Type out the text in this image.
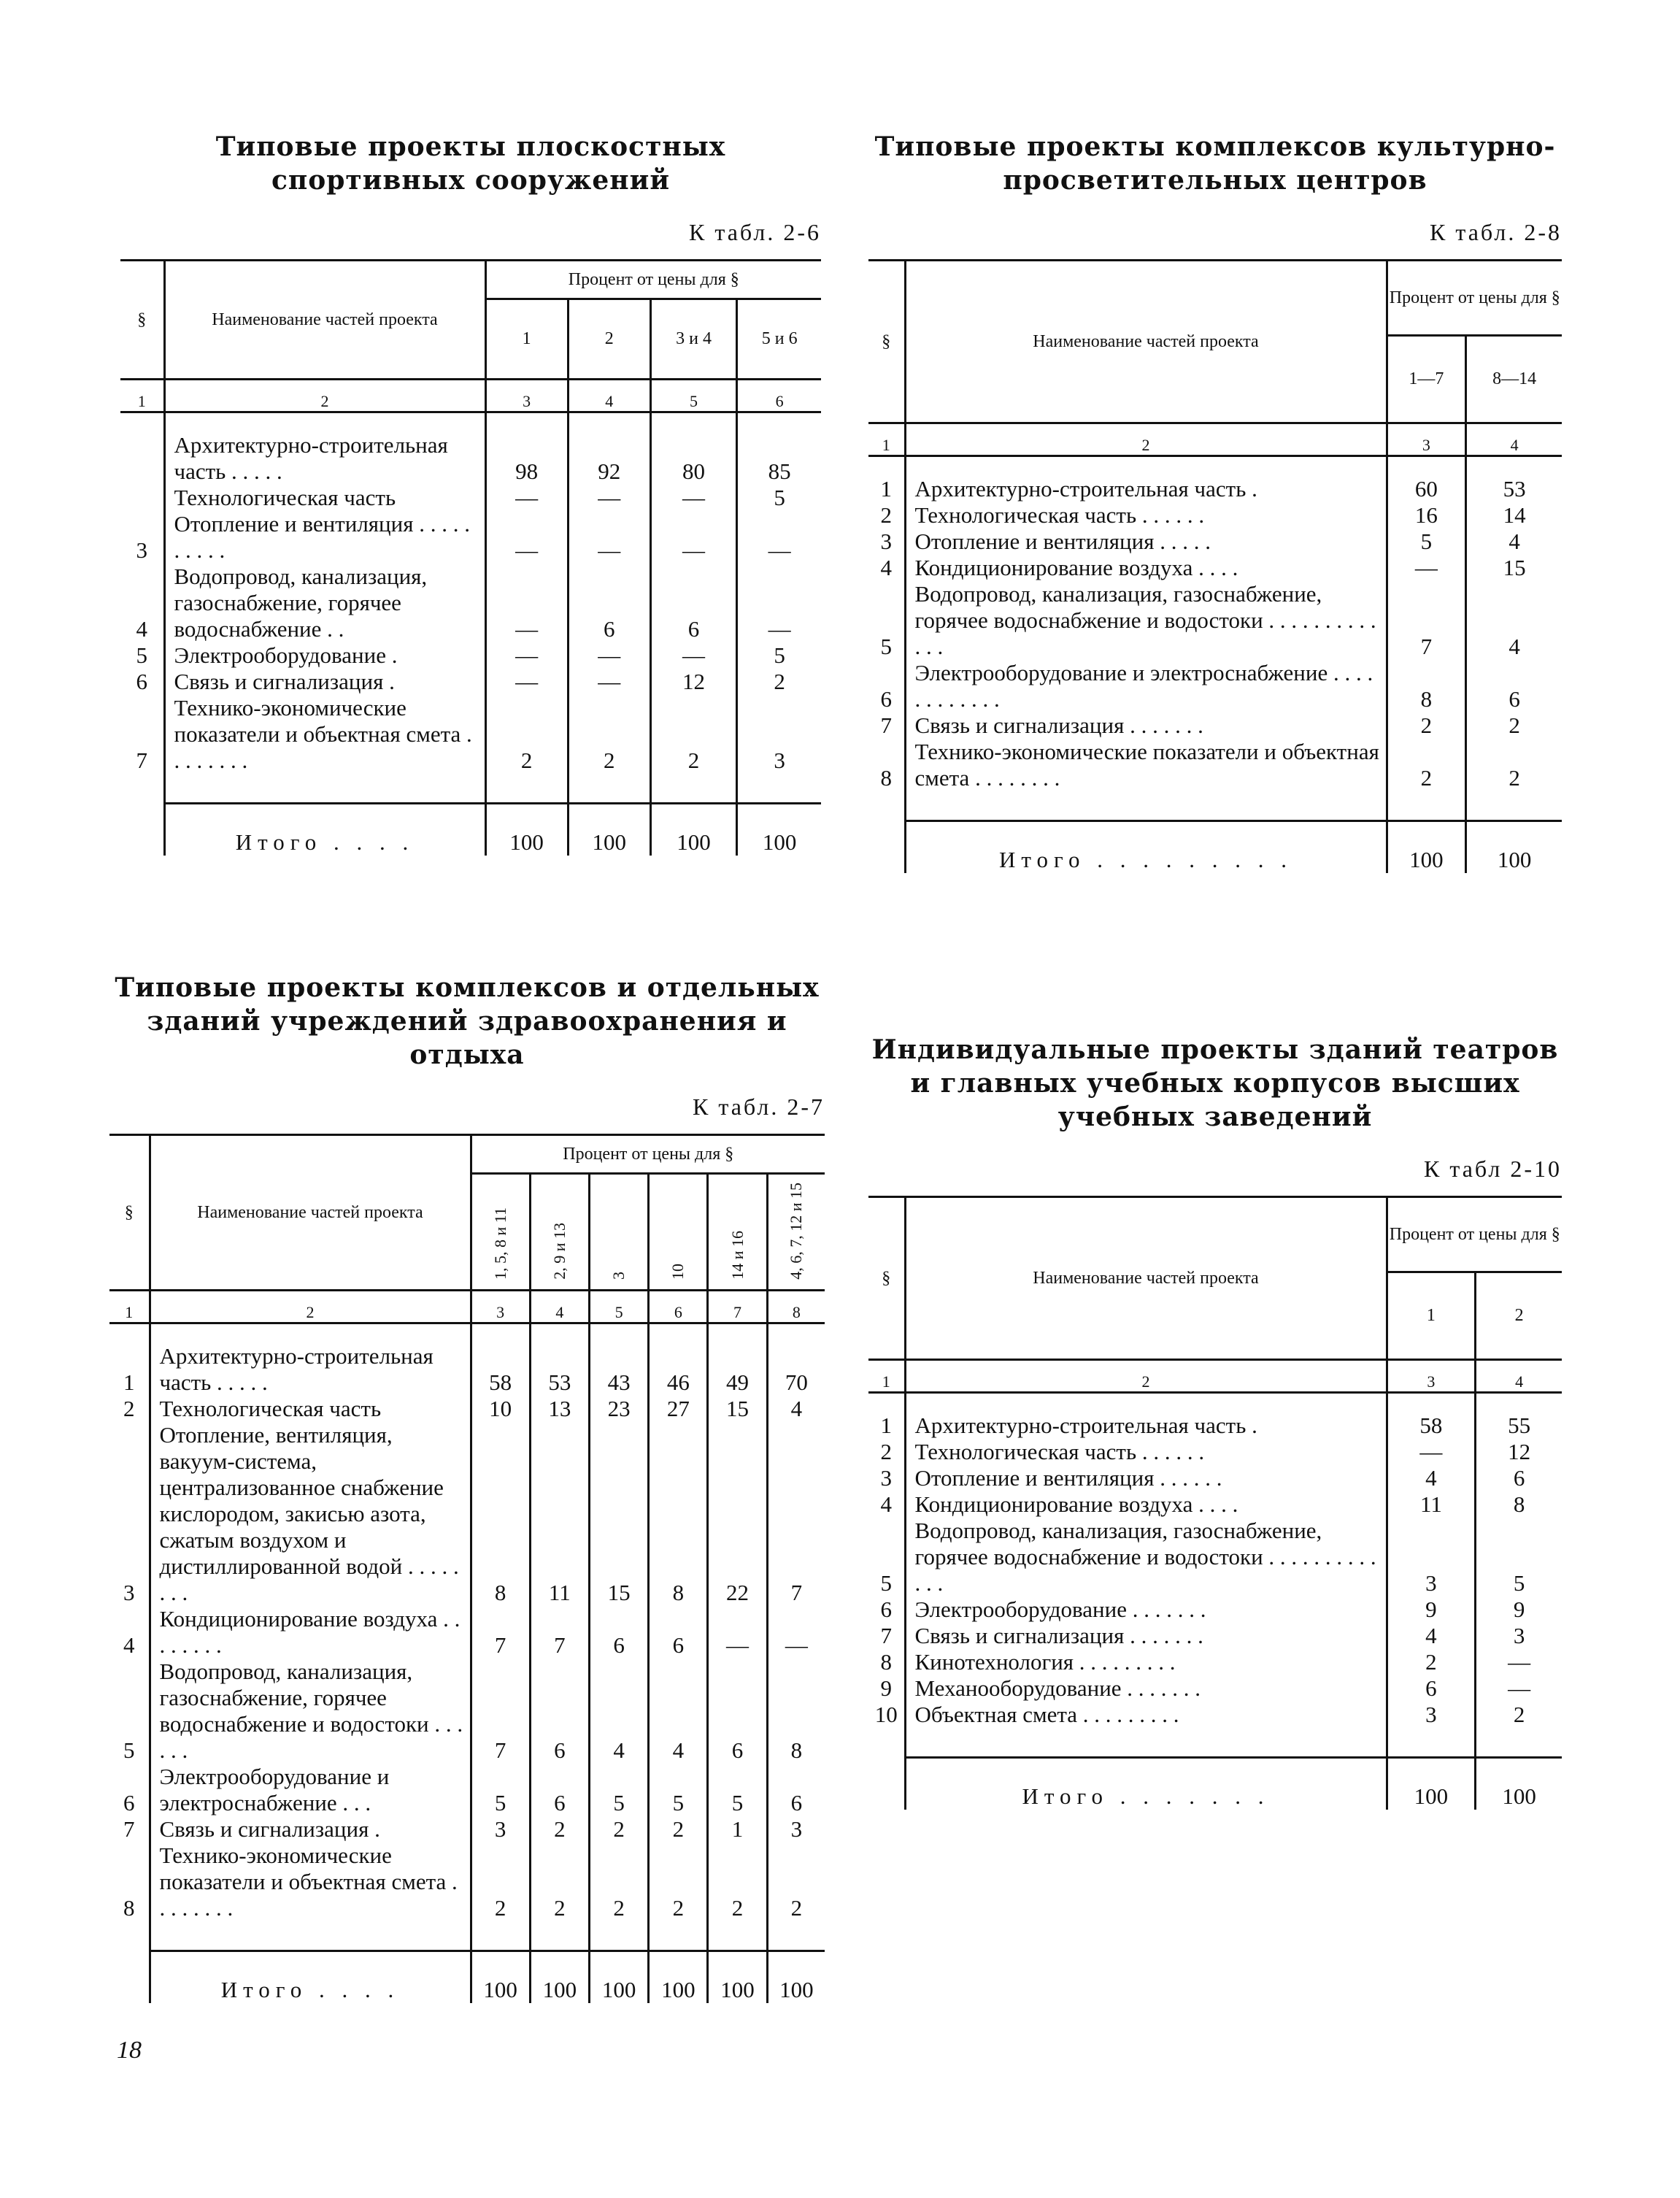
Типовые проекты плоскостных спортивных сооружений
К табл. 2-6
§	Наименование частей проекта	Процент от цены для §			
		1	2	3 и 4	5 и 6
1	2	3	4	5	6

	Архитектурно-строительная часть . . . . .	98	92	80	85
	Технологическая часть	—	—	—	5
3	Отопление и вентиляция . . . . . . . . . .	—	—	—	—
4	Водопровод, канализация, газоснабжение, горячее водоснабжение . .	—	6	6	—
5	Электрооборудование .	—	—	—	5
6	Связь и сигнализация .	—	—	12	2
7	Технико-экономические показатели и объектная смета . . . . . . . .	2	2	2	3

	Итого . . . .	100	100	100	100
Типовые проекты комплексов культурно-просветительных центров
К табл. 2-8
§	Наименование частей проекта	Процент от цены для §	
		1—7	8—14
1	2	3	4

1	Архитектурно-строительная часть .	60	53
2	Технологическая часть . . . . . .	16	14
3	Отопление и вентиляция . . . . .	5	4
4	Кондиционирование воздуха . . . .	—	15
5	Водопровод, канализация, газоснабжение, горячее водоснабжение и водостоки . . . . . . . . . . . . .	7	4
6	Электрооборудование и электроснабжение . . . . . . . . . . . .	8	6
7	Связь и сигнализация . . . . . . .	2	2
8	Технико-экономические показатели и объектная смета . . . . . . . .	2	2

	Итого . . . . . . . . .	100	100
Типовые проекты комплексов и отдельных зданий учреждений здравоохранения и отдыха
К табл. 2-7
§	Наименование частей проекта	Процент от цены для §					
		1, 5, 8 и 11	2, 9 и 13	3	10	14 и 16	4, 6, 7, 12 и 15
1	2	3	4	5	6	7	8

1	Архитектурно-строительная часть . . . . .	58	53	43	46	49	70
2	Технологическая часть	10	13	23	27	15	4
3	Отопление, вентиляция, вакуум-система, централизованное снабжение кислородом, закисью азота, сжатым воздухом и дистиллированной водой . . . . . . . .	8	11	15	8	22	7
4	Кондиционирование воздуха . . . . . . . .	7	7	6	6	—	—
5	Водопровод, канализация, газоснабжение, горячее водоснабжение и водостоки . . . . . .	7	6	4	4	6	8
6	Электрооборудование и электроснабжение . . .	5	6	5	5	5	6
7	Связь и сигнализация .	3	2	2	2	1	3
8	Технико-экономические показатели и объектная смета . . . . . . . .	2	2	2	2	2	2

	Итого . . . .	100	100	100	100	100	100
Индивидуальные проекты зданий театров и главных учебных корпусов высших учебных заведений
К табл 2-10
§	Наименование частей проекта	Процент от цены для §	
		1	2
1	2	3	4

1	Архитектурно-строительная часть .	58	55
2	Технологическая часть . . . . . .	—	12
3	Отопление и вентиляция . . . . . .	4	6
4	Кондиционирование воздуха . . . .	11	8
5	Водопровод, канализация, газоснабжение, горячее водоснабжение и водостоки . . . . . . . . . . . . .	3	5
6	Электрооборудование . . . . . . .	9	9
7	Связь и сигнализация . . . . . . .	4	3
8	Кинотехнология . . . . . . . . .	2	—
9	Механооборудование . . . . . . .	6	—
10	Объектная смета . . . . . . . . .	3	2

	Итого . . . . . . .	100	100
18
